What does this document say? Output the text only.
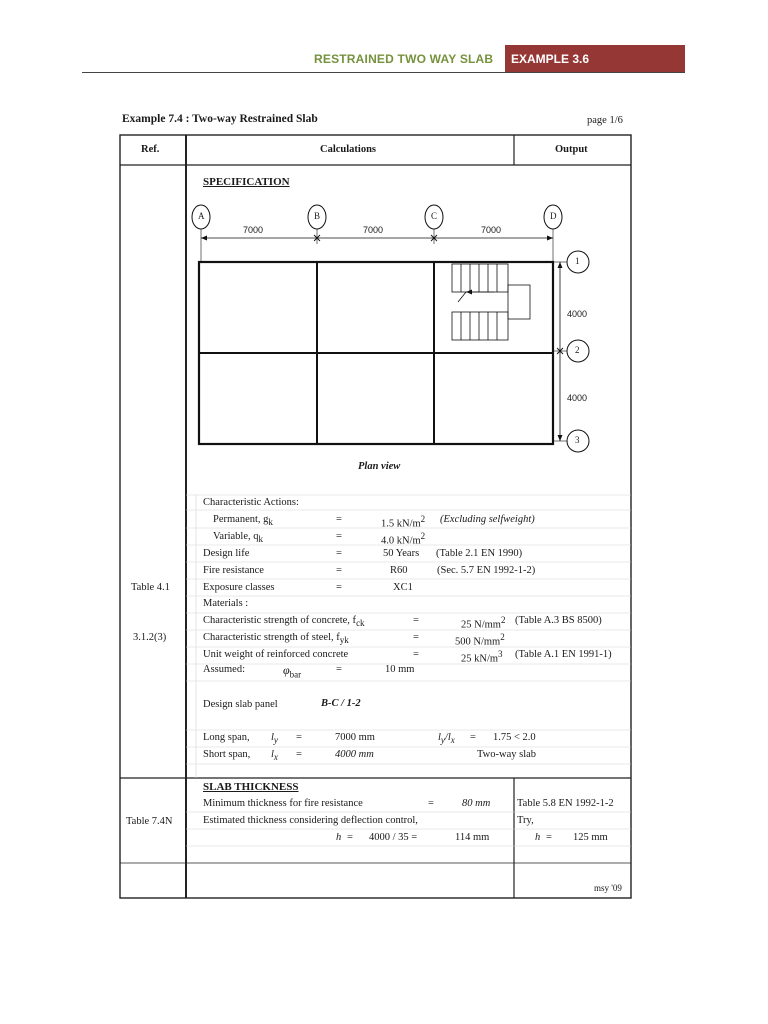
RESTRAINED TWO WAY SLAB	EXAMPLE 3.6
Example 7.4 : Two-way Restrained Slab	page 1/6
Ref.	Calculations	Output
SPECIFICATION
A	B	C	D
1
2
3
7000	7000	7000
4000
4000
Plan view
Characteristic Actions:
Permanent, $g_k$	=	1.5 $kN/m^2$ (Excluding selfweight)
Variable, $q_k$	=	4.0 $kN/m^2$
Design life	=	50 Years (Table 2.1 EN 1990)
Fire resistance	=	R60	(Sec. 5.7 EN 1992-1-2)
Table 4.1	Exposure classes	=	XC1
Materials :
Characteristic strength of concrete, $f_{ck}$	=	25 $N/mm^2$ (Table A.3 BS 8500)
3.1.2(3)	Characteristic strength of steel, $f_{yk}$	=	500 $N/mm^2$
Unit weight of reinforced concrete	=	25 $kN/m^3$ (Table A.1 EN 1991-1)
Assumed:	$\varphi_{bar}$	=	10 mm
Design slab panel	B-C / 1-2
Long span, $l_y$ =	7000 mm	$l_y/l_x = 1.75 < 2.0$
Short span, $l_x$ =	4000 mm	Two-way slab
SLAB THICKNESS
Minimum thickness for fire resistance	=	80 mm	Table 5.8 EN 1992-1-2
Table 7.4N	Estimated thickness considering deflection control,	Try,
h = 4000 / 35 =	114 mm	h = 125 mm
msy '09
